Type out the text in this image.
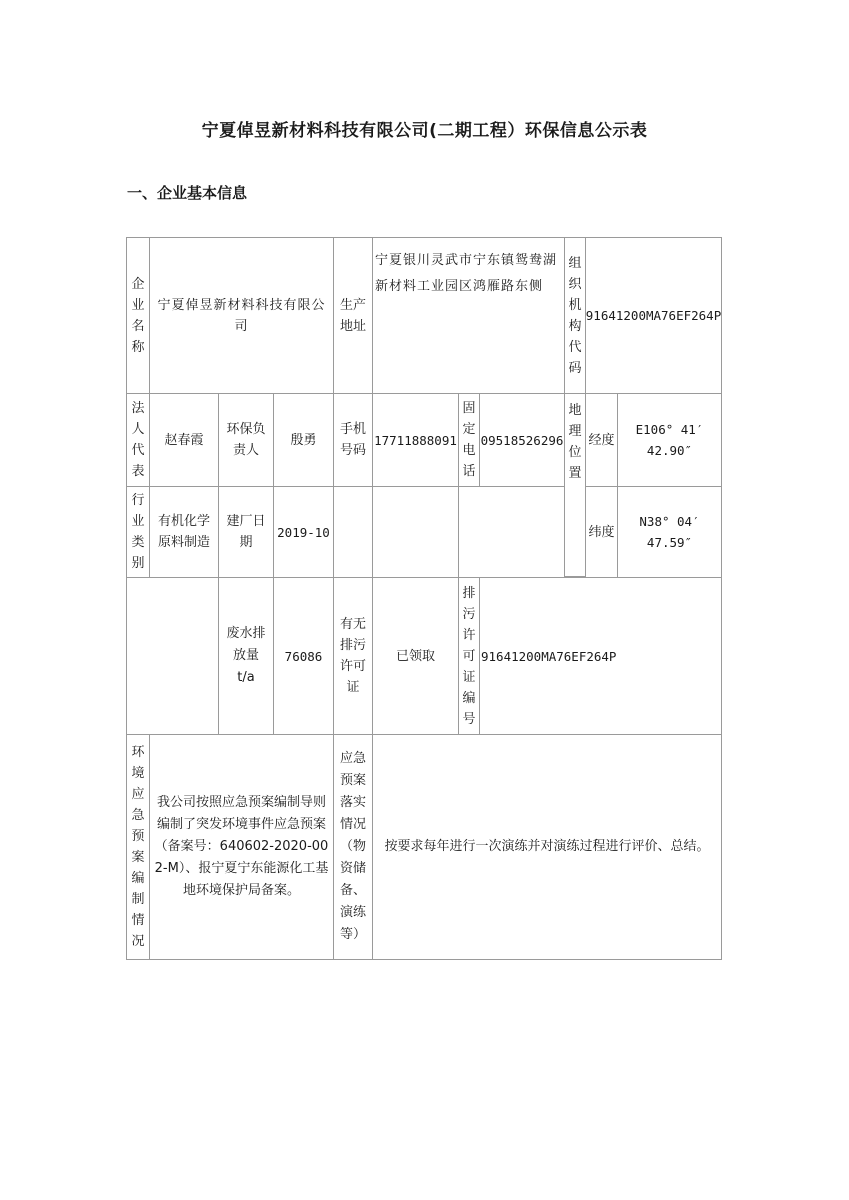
宁夏倬昱新材料科技有限公司(二期工程）环保信息公示表
一、企业基本信息
企业名称
宁夏倬昱新材料科技有限公司
生产地址
宁夏银川灵武市宁东镇鸳鸯湖新材料工业园区鸿雁路东侧
组织机构代码
91641200MA76EF264P
法人代表
赵春霞
环保负责人
殷勇
手机号码
17711888091
固定电话
09518526296
地理位置
经度
E106° 41′ 42.90″
行业类别
有机化学原料制造
建厂日期
2019-10	纬度
N38° 04′ 47.59″
废水排放量 t/a
76086
有无排污许可证
已领取
排污许可证编号
91641200MA76EF264P
环境应急预案编制情况
我公司按照应急预案编制导则编制了突发环境事件应急预案（备案号：640602-2020-002-M）、报宁夏宁东能源化工基地环境保护局备案。
应急预案落实情况（物资储备、演练等）
按要求每年进行一次演练并对演练过程进行评价、总结。
